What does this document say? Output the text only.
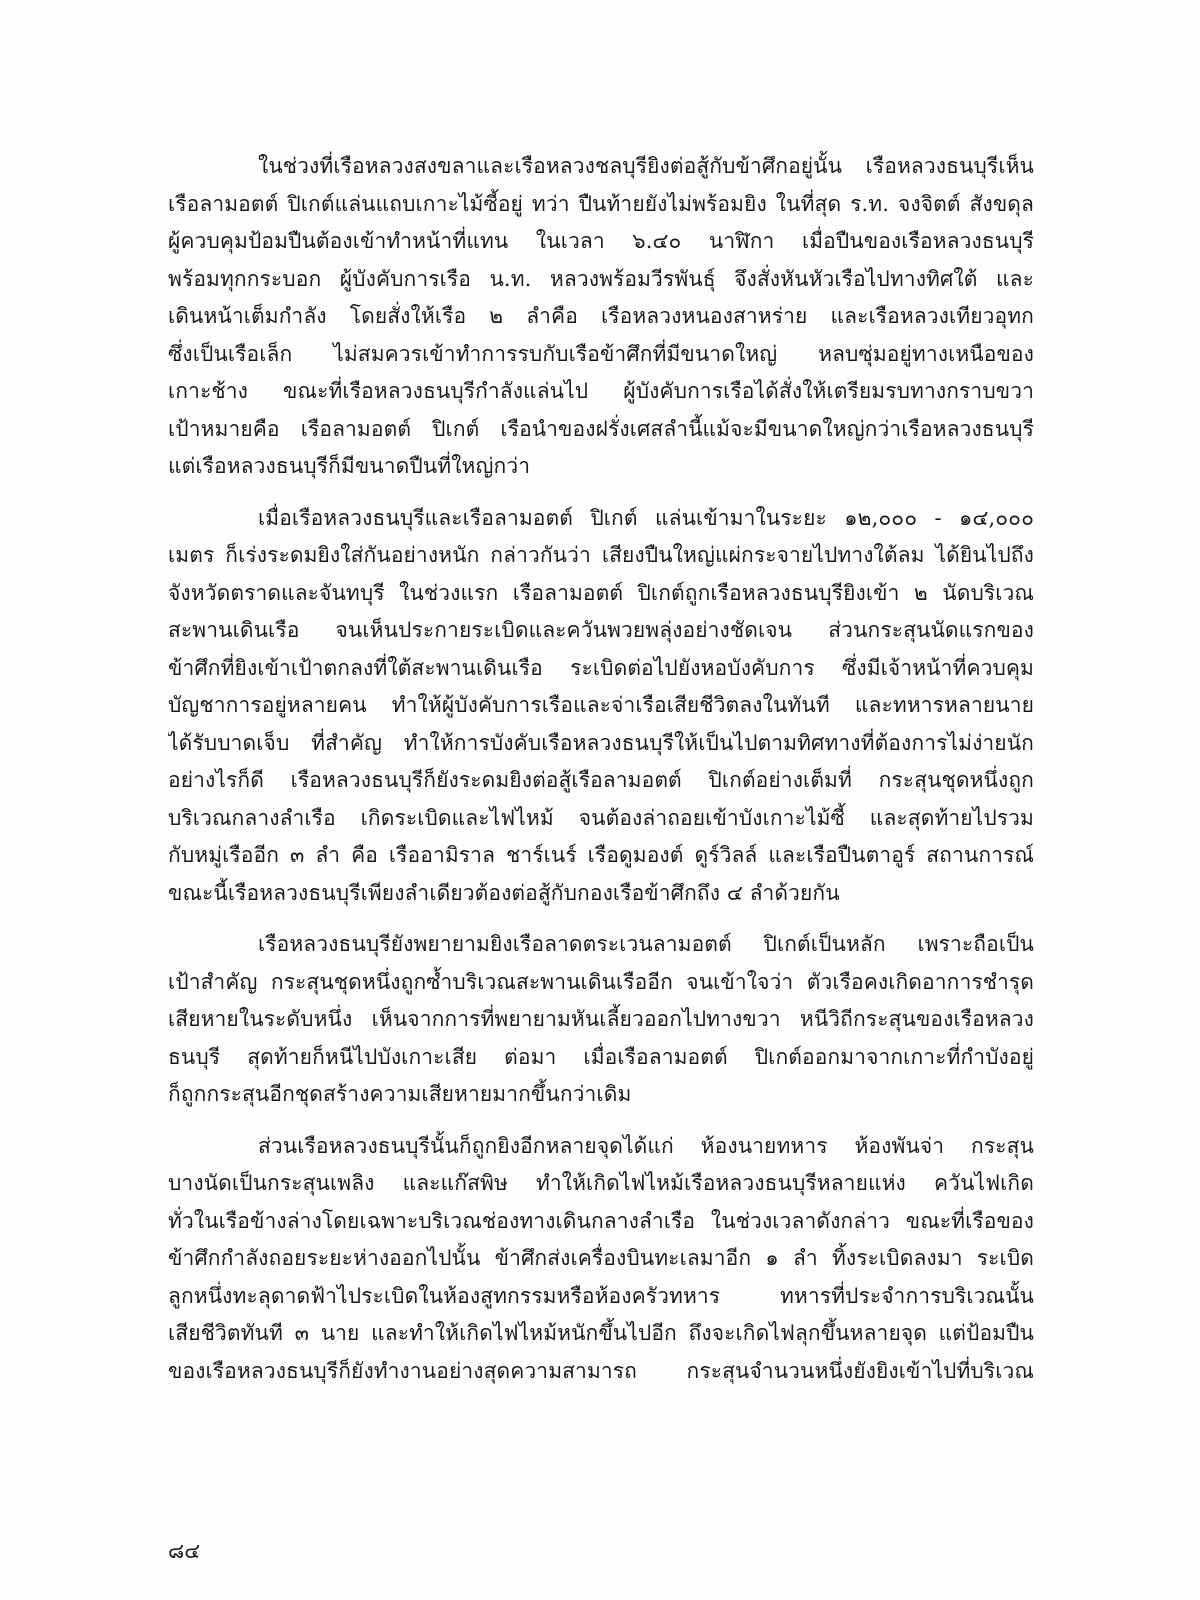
ในช่วงที่เรือหลวงสงขลาและเรือหลวงชลบุรียิงต่อสู้กับข้าศึกอยู่นั้น เรือหลวงธนบุรีเห็น
เรือลามอตต์ ปิเกต์แล่นแถบเกาะไม้ซี้อยู่ ทว่า ปืนท้ายยังไม่พร้อมยิง ในที่สุด ร.ท. จงจิตต์ สังขดุล
ผู้ควบคุมป้อมปืนต้องเข้าทำหน้าที่แทน ในเวลา ๖.๔๐ นาฬิกา เมื่อปืนของเรือหลวงธนบุรี
พร้อมทุกกระบอก ผู้บังคับการเรือ น.ท. หลวงพร้อมวีรพันธุ์ จึงสั่งหันหัวเรือไปทางทิศใต้ และ
เดินหน้าเต็มกำลัง โดยสั่งให้เรือ ๒ ลำคือ เรือหลวงหนองสาหร่าย และเรือหลวงเทียวอุทก
ซึ่งเป็นเรือเล็ก ไม่สมควรเข้าทำการรบกับเรือข้าศึกที่มีขนาดใหญ่ หลบซุ่มอยู่ทางเหนือของ
เกาะช้าง ขณะที่เรือหลวงธนบุรีกำลังแล่นไป ผู้บังคับการเรือได้สั่งให้เตรียมรบทางกราบขวา
เป้าหมายคือ เรือลามอตต์ ปิเกต์ เรือนำของฝรั่งเศสลำนี้แม้จะมีขนาดใหญ่กว่าเรือหลวงธนบุรี
แต่เรือหลวงธนบุรีก็มีขนาดปืนที่ใหญ่กว่า
เมื่อเรือหลวงธนบุรีและเรือลามอตต์ ปิเกต์ แล่นเข้ามาในระยะ ๑๒,๐๐๐ - ๑๔,๐๐๐
เมตร ก็เร่งระดมยิงใส่กันอย่างหนัก กล่าวกันว่า เสียงปืนใหญ่แผ่กระจายไปทางใต้ลม ได้ยินไปถึง
จังหวัดตราดและจันทบุรี ในช่วงแรก เรือลามอตต์ ปิเกต์ถูกเรือหลวงธนบุรียิงเข้า ๒ นัดบริเวณ
สะพานเดินเรือ จนเห็นประกายระเบิดและควันพวยพลุ่งอย่างชัดเจน ส่วนกระสุนนัดแรกของ
ข้าศึกที่ยิงเข้าเป้าตกลงที่ใต้สะพานเดินเรือ ระเบิดต่อไปยังหอบังคับการ ซึ่งมีเจ้าหน้าที่ควบคุม
บัญชาการอยู่หลายคน ทำให้ผู้บังคับการเรือและจ่าเรือเสียชีวิตลงในทันที และทหารหลายนาย
ได้รับบาดเจ็บ ที่สำคัญ ทำให้การบังคับเรือหลวงธนบุรีให้เป็นไปตามทิศทางที่ต้องการไม่ง่ายนัก
อย่างไรก็ดี เรือหลวงธนบุรีก็ยังระดมยิงต่อสู้เรือลามอตต์ ปิเกต์อย่างเต็มที่ กระสุนชุดหนึ่งถูก
บริเวณกลางลำเรือ เกิดระเบิดและไฟไหม้ จนต้องล่าถอยเข้าบังเกาะไม้ซี้ และสุดท้ายไปรวม
กับหมู่เรืออีก ๓ ลำ คือ เรืออามิราล ชาร์เนร์ เรือดูมองต์ ดูร์วิลล์ และเรือปืนตาอูร์ สถานการณ์
ขณะนี้เรือหลวงธนบุรีเพียงลำเดียวต้องต่อสู้กับกองเรือข้าศึกถึง ๔ ลำด้วยกัน
เรือหลวงธนบุรียังพยายามยิงเรือลาดตระเวนลามอตต์ ปิเกต์เป็นหลัก เพราะถือเป็น
เป้าสำคัญ กระสุนชุดหนึ่งถูกซ้ำบริเวณสะพานเดินเรืออีก จนเข้าใจว่า ตัวเรือคงเกิดอาการชำรุด
เสียหายในระดับหนึ่ง เห็นจากการที่พยายามหันเลี้ยวออกไปทางขวา หนีวิถีกระสุนของเรือหลวง
ธนบุรี สุดท้ายก็หนีไปบังเกาะเสีย ต่อมา เมื่อเรือลามอตต์ ปิเกต์ออกมาจากเกาะที่กำบังอยู่
ก็ถูกกระสุนอีกชุดสร้างความเสียหายมากขึ้นกว่าเดิม
ส่วนเรือหลวงธนบุรีนั้นก็ถูกยิงอีกหลายจุดได้แก่ ห้องนายทหาร ห้องพันจ่า กระสุน
บางนัดเป็นกระสุนเพลิง และแก๊สพิษ ทำให้เกิดไฟไหม้เรือหลวงธนบุรีหลายแห่ง ควันไฟเกิด
ทั่วในเรือข้างล่างโดยเฉพาะบริเวณช่องทางเดินกลางลำเรือ ในช่วงเวลาดังกล่าว ขณะที่เรือของ
ข้าศึกกำลังถอยระยะห่างออกไปนั้น ข้าศึกส่งเครื่องบินทะเลมาอีก ๑ ลำ ทิ้งระเบิดลงมา ระเบิด
ลูกหนึ่งทะลุดาดฟ้าไประเบิดในห้องสูทกรรมหรือห้องครัวทหาร ทหารที่ประจำการบริเวณนั้น
เสียชีวิตทันที ๓ นาย และทำให้เกิดไฟไหม้หนักขึ้นไปอีก ถึงจะเกิดไฟลุกขึ้นหลายจุด แต่ป้อมปืน
ของเรือหลวงธนบุรีก็ยังทำงานอย่างสุดความสามารถ กระสุนจำนวนหนึ่งยังยิงเข้าไปที่บริเวณ
๘๔
